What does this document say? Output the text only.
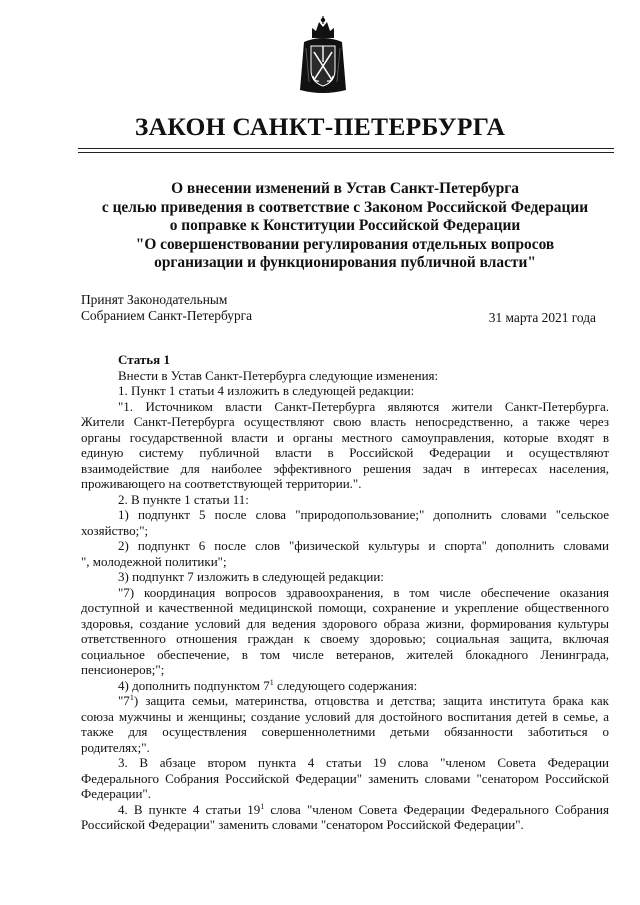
ЗАКОН САНКТ-ПЕТЕРБУРГА
О внесении изменений в Устав Санкт-Петербурга
с целью приведения в соответствие с Законом Российской Федерации
о поправке к Конституции Российской Федерации
"О совершенствовании регулирования отдельных вопросов
организации и функционирования публичной власти"
Принят Законодательным
Собранием Санкт-Петербурга	31 марта 2021 года
Статья 1
Внести в Устав Санкт-Петербурга следующие изменения:
1. Пункт 1 статьи 4 изложить в следующей редакции:
"1. Источником власти Санкт-Петербурга являются жители Санкт-Петербурга.
Жители Санкт-Петербурга осуществляют свою власть непосредственно, а также через
органы государственной власти и органы местного самоуправления, которые входят в
единую систему публичной власти в Российской Федерации и осуществляют
взаимодействие для наиболее эффективного решения задач в интересах населения,
проживающего на соответствующей территории.".
2. В пункте 1 статьи 11:
1) подпункт 5 после слова "природопользование;" дополнить словами "сельское
хозяйство;";
2) подпункт 6 после слов "физической культуры и спорта" дополнить словами
", молодежной политики";
3) подпункт 7 изложить в следующей редакции:
"7) координация вопросов здравоохранения, в том числе обеспечение оказания
доступной и качественной медицинской помощи, сохранение и укрепление общественного
здоровья, создание условий для ведения здорового образа жизни, формирования культуры
ответственного отношения граждан к своему здоровью; социальная защита, включая
социальное обеспечение, в том числе ветеранов, жителей блокадного Ленинграда,
пенсионеров;";
4) дополнить подпунктом $7^1$ следующего содержания:
"$7^1$) защита семьи, материнства, отцовства и детства; защита института брака как
союза мужчины и женщины; создание условий для достойного воспитания детей в семье, а
также для осуществления совершеннолетними детьми обязанности заботиться о
родителях;".
3. В абзаце втором пункта 4 статьи 19 слова "членом Совета Федерации
Федерального Собрания Российской Федерации" заменить словами "сенатором Российской
Федерации".
4. В пункте 4 статьи $19^1$ слова "членом Совета Федерации Федерального Собрания
Российской Федерации" заменить словами "сенатором Российской Федерации".
